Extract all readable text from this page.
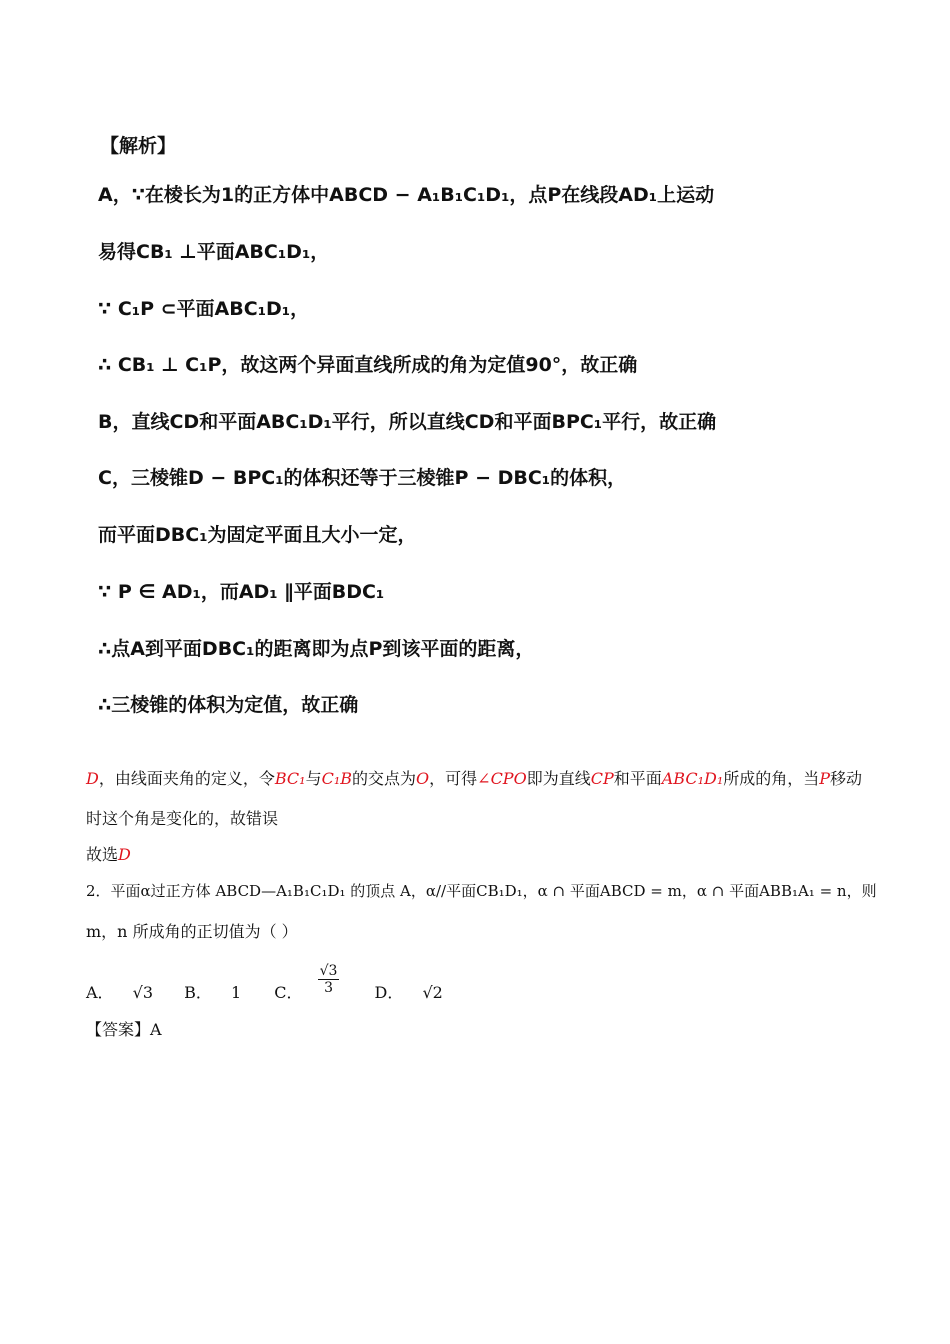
【解析】
A，∵在棱长为1的正方体中ABCD − A₁B₁C₁D₁，点P在线段AD₁上运动
易得CB₁ ⊥平面ABC₁D₁，
∵ C₁P ⊂平面ABC₁D₁，
∴ CB₁ ⊥ C₁P，故这两个异面直线所成的角为定值90°，故正确
B，直线CD和平面ABC₁D₁平行，所以直线CD和平面BPC₁平行，故正确
C，三棱锥D − BPC₁的体积还等于三棱锥P − DBC₁的体积，
而平面DBC₁为固定平面且大小一定，
∵ P ∈ AD₁，而AD₁ ∥平面BDC₁
∴点A到平面DBC₁的距离即为点P到该平面的距离，
∴三棱锥的体积为定值，故正确
D，由线面夹角的定义，令BC₁与C₁B的交点为O，可得∠CPO即为直线CP和平面ABC₁D₁所成的角，当P移动
时这个角是变化的，故错误
故选D
2．平面α过正方体 ABCD—A₁B₁C₁D₁ 的顶点 A，α//平面CB₁D₁，α ∩ 平面ABCD = m，α ∩ 平面ABB₁A₁ = n，则
m，n 所成角的正切值为（ ）
A． √3 B． 1 C． $\frac{√3}{3}$ D． √2
【答案】A
